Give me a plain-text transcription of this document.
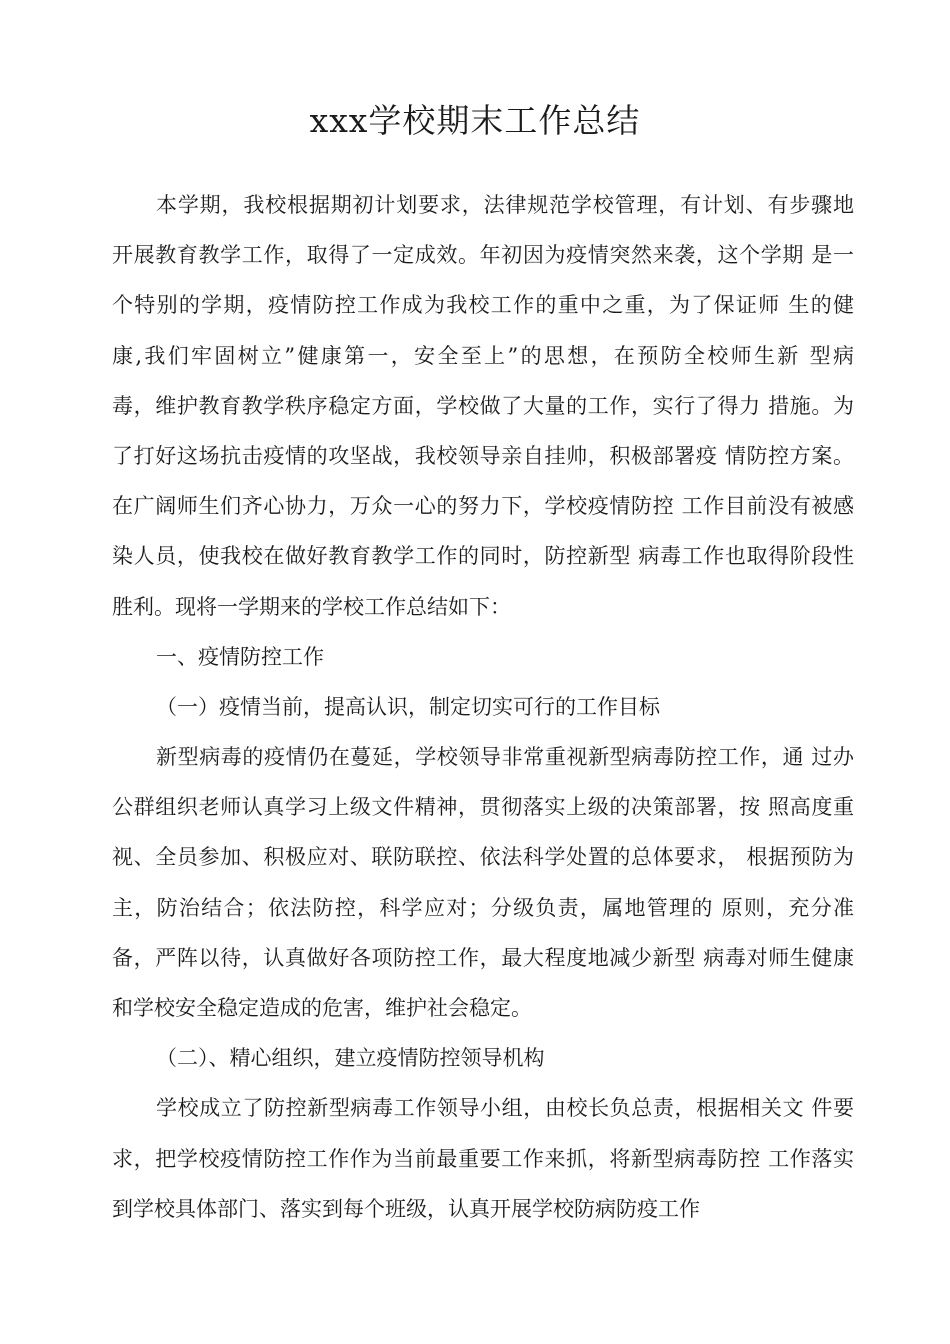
xxx学校期末工作总结
本学期，我校根据期初计划要求，法律规范学校管理，有计划、有步骤地
开展教育教学工作，取得了一定成效。年初因为疫情突然来袭，这个学期 是一
个特别的学期，疫情防控工作成为我校工作的重中之重，为了保证师 生的健
康,我们牢固树立”健康第一，安全至上”的思想，在预防全校师生新 型病
毒，维护教育教学秩序稳定方面，学校做了大量的工作，实行了得力 措施。为
了打好这场抗击疫情的攻坚战，我校领导亲自挂帅，积极部署疫 情防控方案。
在广阔师生们齐心协力，万众一心的努力下，学校疫情防控 工作目前没有被感
染人员，使我校在做好教育教学工作的同时，防控新型 病毒工作也取得阶段性
胜利。现将一学期来的学校工作总结如下：
一、疫情防控工作
（一）疫情当前，提高认识，制定切实可行的工作目标
新型病毒的疫情仍在蔓延，学校领导非常重视新型病毒防控工作，通 过办
公群组织老师认真学习上级文件精神，贯彻落实上级的决策部署，按 照高度重
视、全员参加、积极应对、联防联控、依法科学处置的总体要求， 根据预防为
主，防治结合；依法防控，科学应对；分级负责，属地管理的 原则，充分准
备，严阵以待，认真做好各项防控工作，最大程度地减少新型 病毒对师生健康
和学校安全稳定造成的危害，维护社会稳定。
（二）、精心组织，建立疫情防控领导机构
学校成立了防控新型病毒工作领导小组，由校长负总责，根据相关文 件要
求，把学校疫情防控工作作为当前最重要工作来抓，将新型病毒防控 工作落实
到学校具体部门、落实到每个班级，认真开展学校防病防疫工作
